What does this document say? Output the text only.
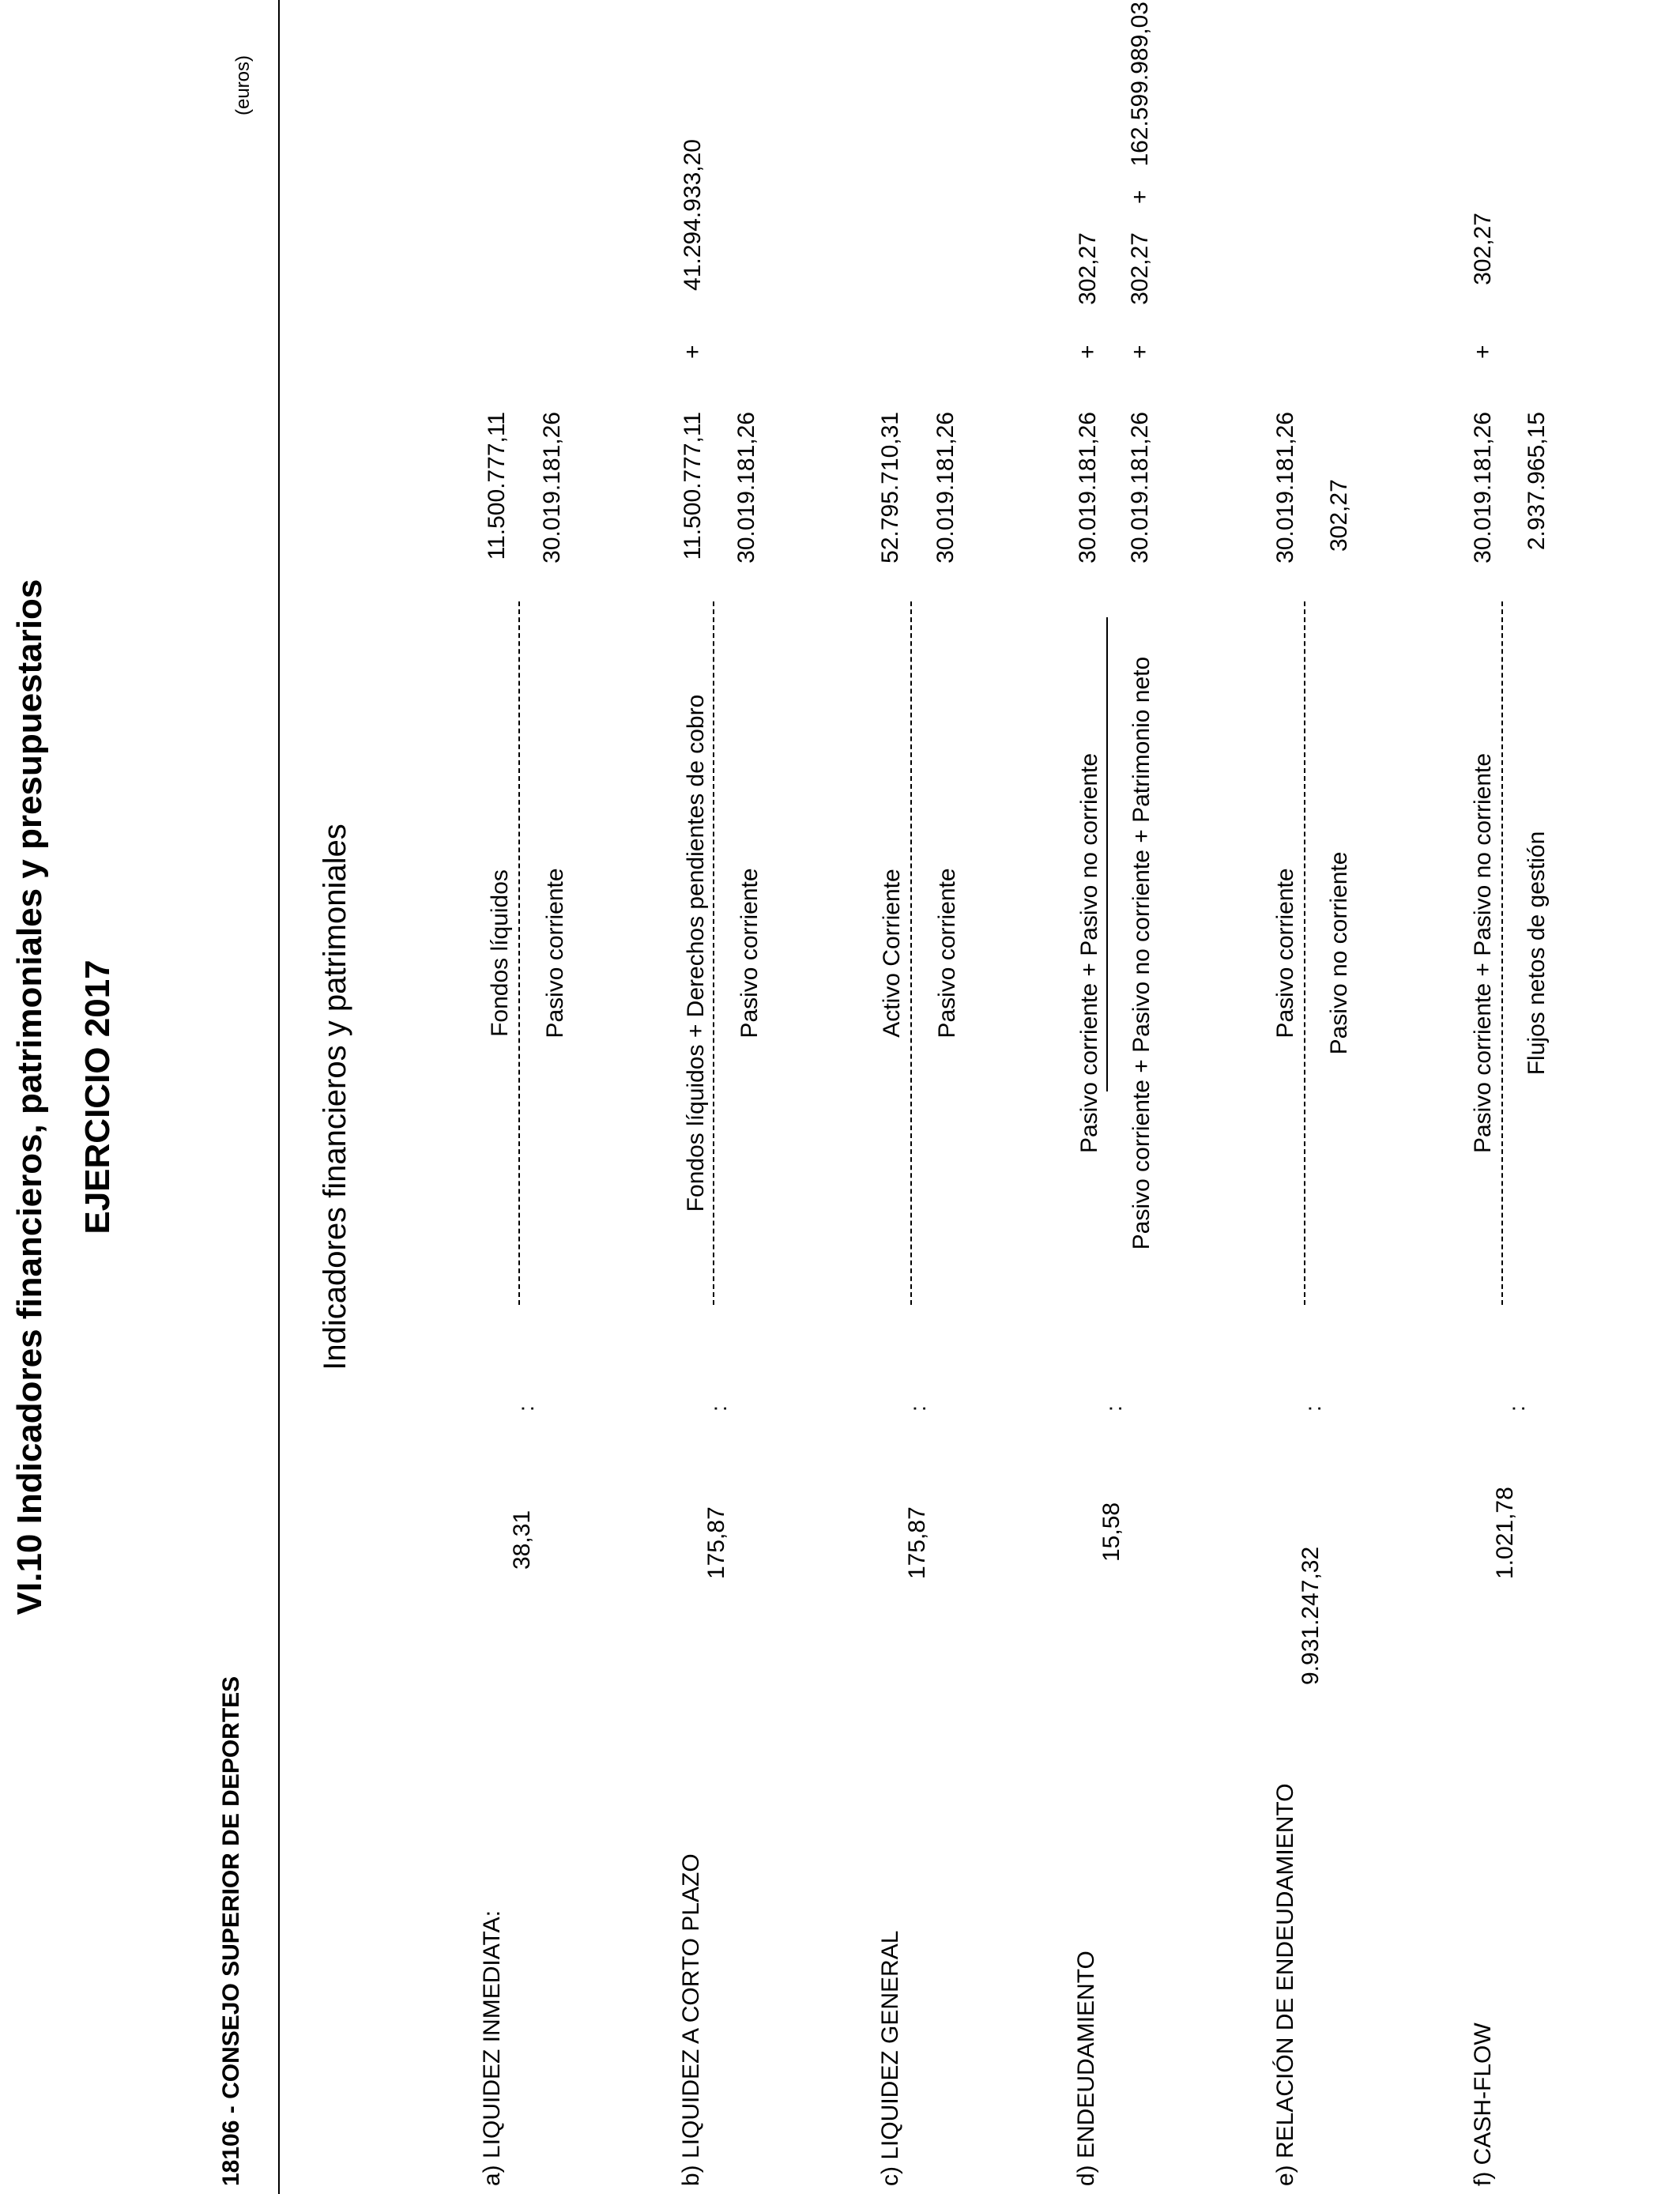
VI.10 Indicadores financieros, patrimoniales y presupuestarios EJERCICIO 2017
(euros)
18106 - CONSEJO SUPERIOR DE DEPORTES
Indicadores financieros y patrimoniales
a) LIQUIDEZ INMEDIATA:
38,31
:
Fondos líquidos Pasivo corriente
11.500.777,11 30.019.181,26
b) LIQUIDEZ A CORTO PLAZO
175,87
:
Fondos líquidos + Derechos pendientes de cobro Pasivo corriente
11.500.777,11
+
41.294.933,20
30.019.181,26
c) LIQUIDEZ GENERAL
175,87
:
Activo Corriente Pasivo corriente
52.795.710,31 30.019.181,26
d) ENDEUDAMIENTO
15,58
:
Pasivo corriente + Pasivo no corriente Pasivo corriente + Pasivo no corriente + Patrimonio neto
30.019.181,26
+
302,27
30.019.181,26
+
302,27
+
162.599.989,03
e) RELACIÓN DE ENDEUDAMIENTO
9.931.247,32
:
Pasivo corriente Pasivo no corriente
30.019.181,26 302,27
f) CASH-FLOW
1.021,78
:
Pasivo corriente + Pasivo no corriente Flujos netos de gestión
30.019.181,26
+
302,27
2.937.965,15
